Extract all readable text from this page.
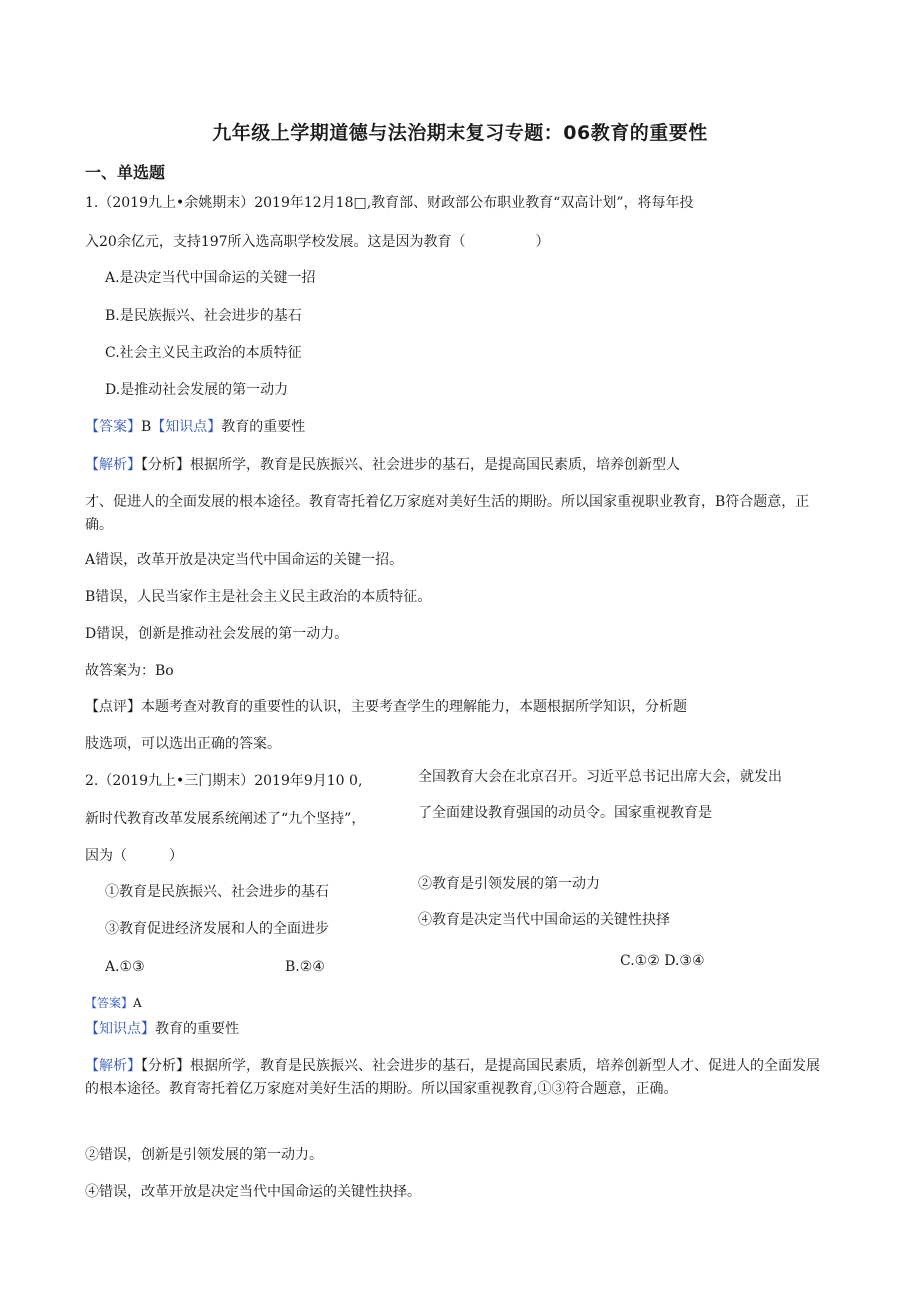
九年级上学期道德与法治期末复习专题：06教育的重要性
一、单选题
1.（2019九上•余姚期末）2019年12月18□,教育部、财政部公布职业教育“双高计划”，将每年投
入20余亿元，支持197所入选高职学校发展。这是因为教育（　　　　　）
A.是决定当代中国命运的关键一招
B.是民族振兴、社会进步的基石
C.社会主义民主政治的本质特征
D.是推动社会发展的第一动力
【答案】B【知识点】教育的重要性
【解析】【分析】根据所学，教育是民族振兴、社会进步的基石，是提高国民素质，培养创新型人
才、促进人的全面发展的根本途径。教育寄托着亿万家庭对美好生活的期盼。所以国家重视职业教育，B符合题意，正确。
A错误，改革开放是决定当代中国命运的关键一招。
B错误，人民当家作主是社会主义民主政治的本质特征。
D错误，创新是推动社会发展的第一动力。
故答案为：Bo
【点评】本题考查对教育的重要性的认识，主要考查学生的理解能力，本题根据所学知识，分析题
肢选项，可以选出正确的答案。
2.（2019九上•三门期末）2019年9月10 0,
新时代教育改革发展系统阐述了“九个坚持”，
因为（　　　）
全国教育大会在北京召开。习近平总书记出席大会，就发出
了全面建设教育强国的动员令。国家重视教育是
①教育是民族振兴、社会进步的基石	②教育是引领发展的第一动力
③教育促进经济发展和人的全面进步
④教育是决定当代中国命运的关键性抉择
A.①③	B.②④	C.①② D.③④
【答案】A
【知识点】教育的重要性
【解析】【分析】根据所学，教育是民族振兴、社会进步的基石，是提高国民素质，培养创新型人才、促进人的全面发展的根本途径。教育寄托着亿万家庭对美好生活的期盼。所以国家重视教育,①③符合题意，正确。
②错误，创新是引领发展的第一动力。
④错误，改革开放是决定当代中国命运的关键性抉择。
